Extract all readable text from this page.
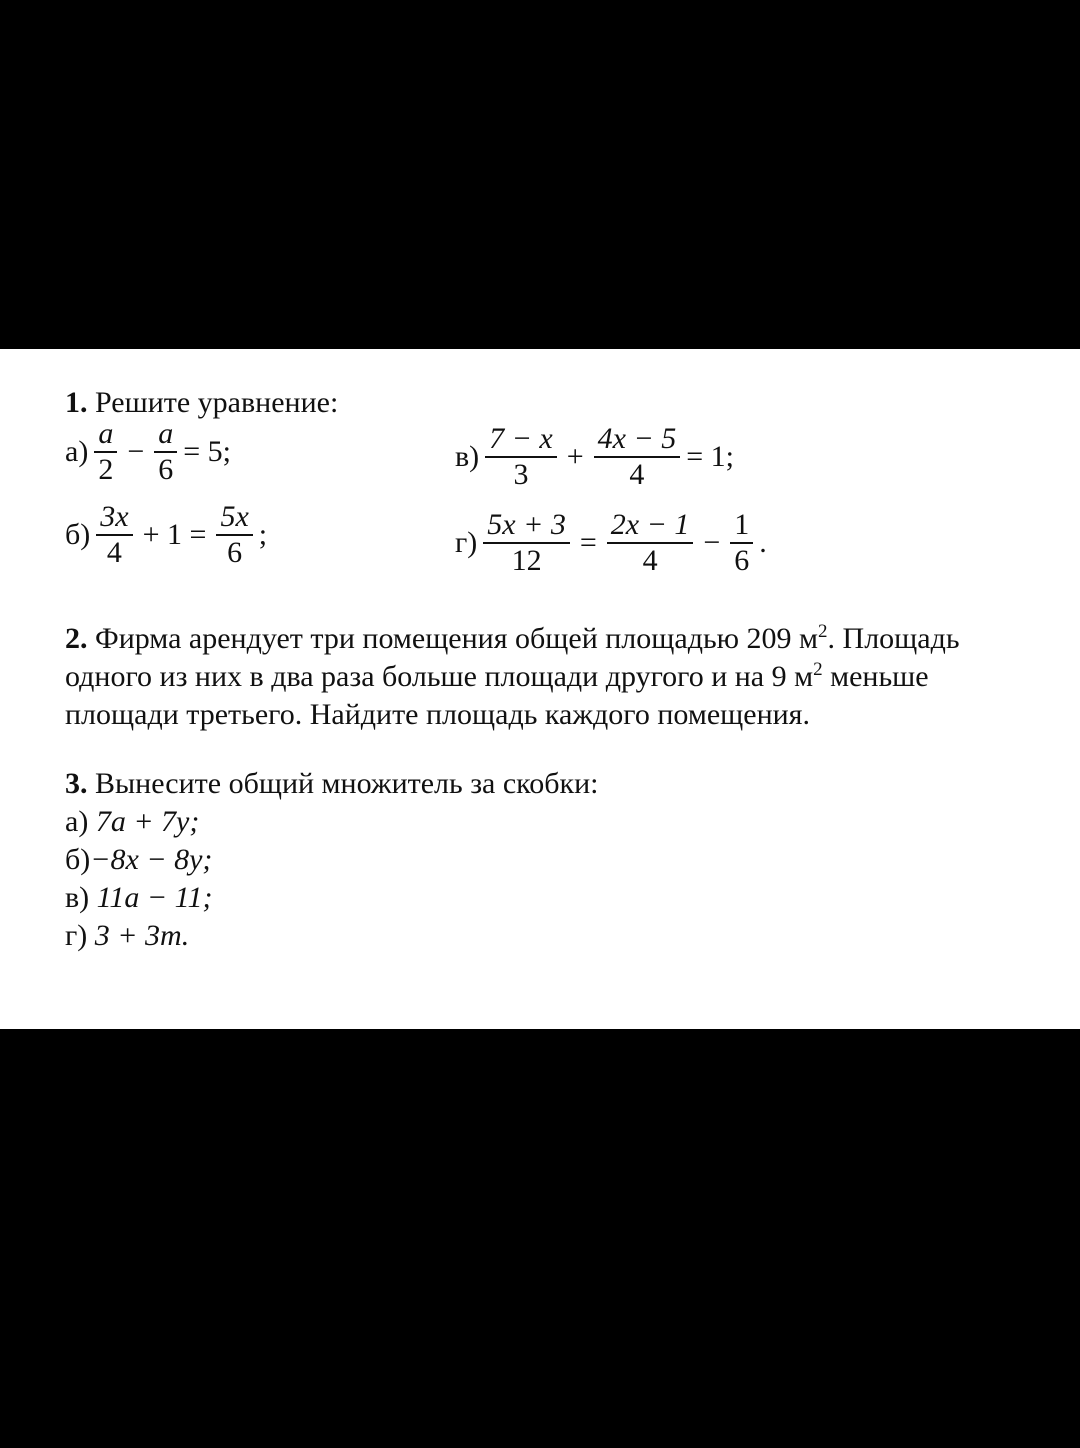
1. Решите уравнение:
$а) \frac{a}{2} - \frac{a}{6} = 5$;
$б) \frac{3x}{4} + 1 = \frac{5x}{6}$ ;
$в) \frac{7 - x}{3} + \frac{4x - 5}{4} = 1$;
$г) \frac{5x + 3}{12} = \frac{2x - 1}{4} - \frac{1}{6}$ .
2. Фирма арендует три помещения общей площадью 209 $м^2$. Площадь
одного из них в два раза больше площади другого и на 9 $м^2$ меньше
площади третьего. Найдите площадь каждого помещения.
3. Вынесите общий множитель за скобки:
а) 7a + 7y;
б)−8x − 8y;
в) 11a − 11;
г) 3 + 3m.
